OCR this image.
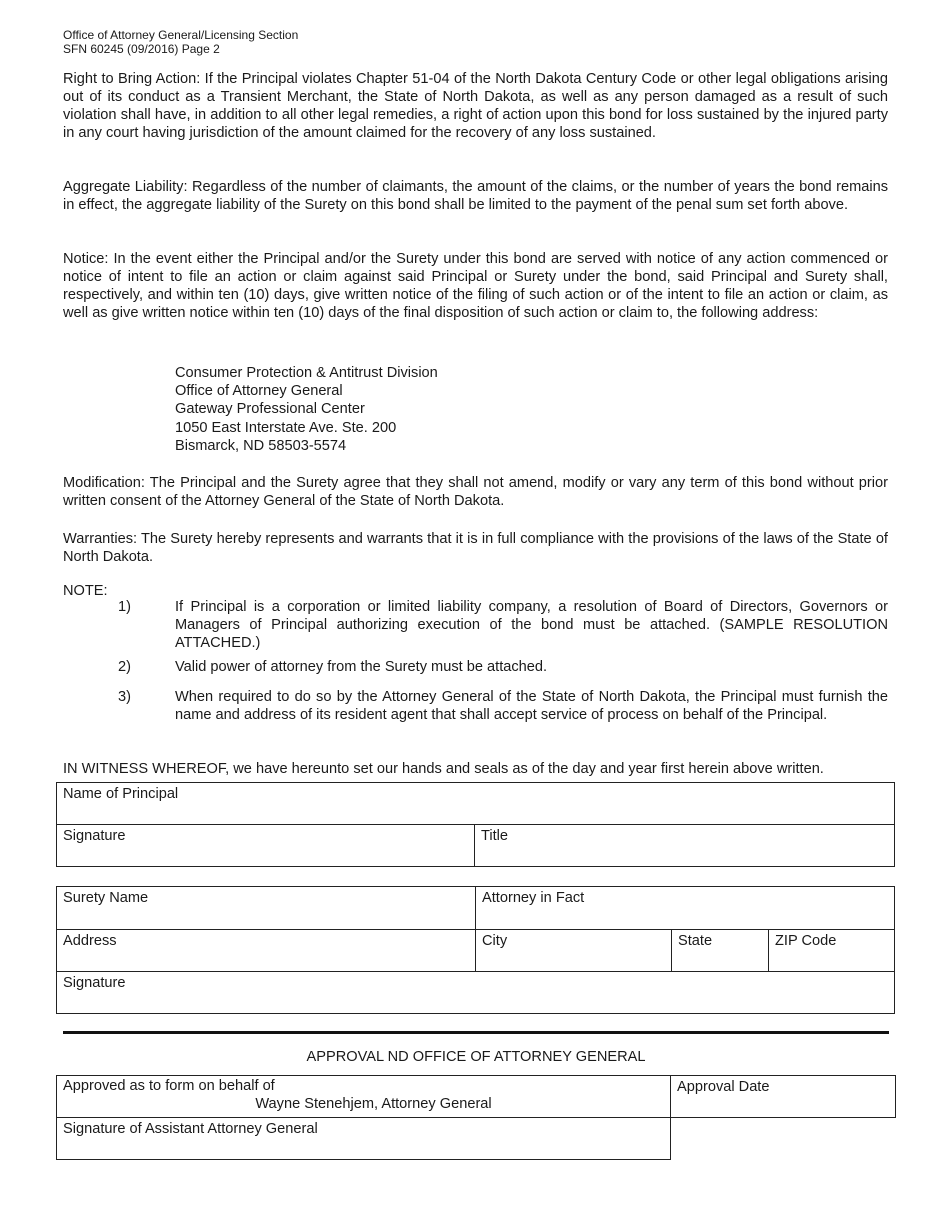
Office of Attorney General/Licensing Section
SFN 60245 (09/2016) Page 2

Right to Bring Action: If the Principal violates Chapter 51-04 of the North Dakota Century Code or other legal obligations arising out of its conduct as a Transient Merchant, the State of North Dakota, as well as any person damaged as a result of such violation shall have, in addition to all other legal remedies, a right of action upon this bond for loss sustained by the injured party in any court having jurisdiction of the amount claimed for the recovery of any loss sustained.

Aggregate Liability: Regardless of the number of claimants, the amount of the claims, or the number of years the bond remains in effect, the aggregate liability of the Surety on this bond shall be limited to the payment of the penal sum set forth above.

Notice: In the event either the Principal and/or the Surety under this bond are served with notice of any action commenced or notice of intent to file an action or claim against said Principal or Surety under the bond, said Principal and Surety shall, respectively, and within ten (10) days, give written notice of the filing of such action or of the intent to file an action or claim, as well as give written notice within ten (10) days of the final disposition of such action or claim to, the following address:

Consumer Protection & Antitrust Division
Office of Attorney General
Gateway Professional Center
1050 East Interstate Ave. Ste. 200
Bismarck, ND 58503-5574

Modification: The Principal and the Surety agree that they shall not amend, modify or vary any term of this bond without prior written consent of the Attorney General of the State of North Dakota.

Warranties: The Surety hereby represents and warrants that it is in full compliance with the provisions of the laws of the State of North Dakota.

NOTE:
1)	If Principal is a corporation or limited liability company, a resolution of Board of Directors, Governors or Managers of Principal authorizing execution of the bond must be attached. (SAMPLE RESOLUTION ATTACHED.)
2)	Valid power of attorney from the Surety must be attached.
3)	When required to do so by the Attorney General of the State of North Dakota, the Principal must furnish the name and address of its resident agent that shall accept service of process on behalf of the Principal.
IN WITNESS WHEREOF, we have hereunto set our hands and seals as of the day and year first herein above written.
Name of Principal
Signature	Title
Surety Name	Attorney in Fact		
Address	City	State	ZIP Code
Signature			
APPROVAL ND OFFICE OF ATTORNEY GENERAL
Approved as to form on behalf of
Wayne Stenehjem, Attorney General	Approval Date
Signature of Assistant Attorney General	
